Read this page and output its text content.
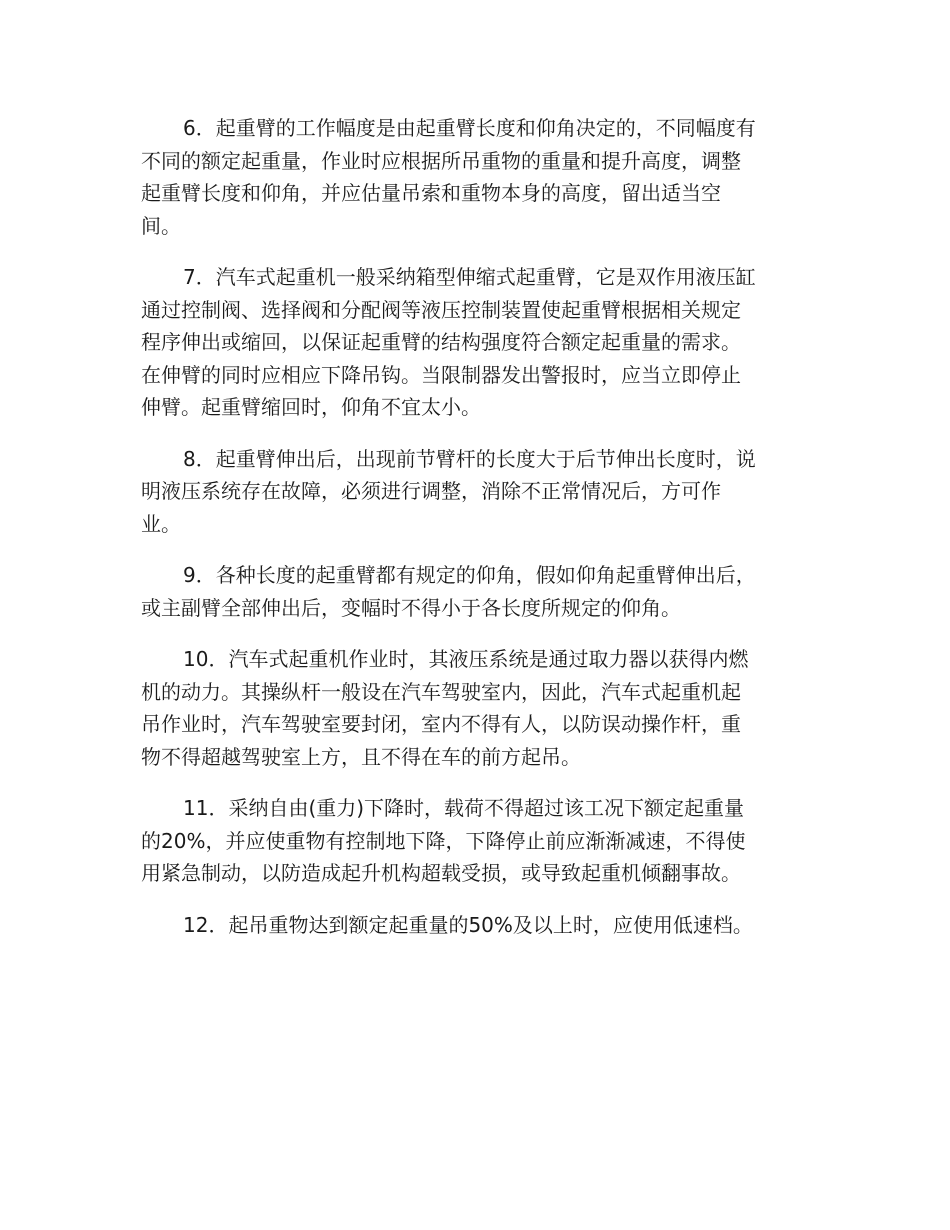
6．起重臂的工作幅度是由起重臂长度和仰角决定的，不同幅度有
不同的额定起重量，作业时应根据所吊重物的重量和提升高度，调整
起重臂长度和仰角，并应估量吊索和重物本身的高度，留出适当空
间。

7．汽车式起重机一般采纳箱型伸缩式起重臂，它是双作用液压缸
通过控制阀、选择阀和分配阀等液压控制装置使起重臂根据相关规定
程序伸出或缩回，以保证起重臂的结构强度符合额定起重量的需求。
在伸臂的同时应相应下降吊钩。当限制器发出警报时，应当立即停止
伸臂。起重臂缩回时，仰角不宜太小。

8．起重臂伸出后，出现前节臂杆的长度大于后节伸出长度时，说
明液压系统存在故障，必须进行调整，消除不正常情况后，方可作
业。

9．各种长度的起重臂都有规定的仰角，假如仰角起重臂伸出后，
或主副臂全部伸出后，变幅时不得小于各长度所规定的仰角。

10．汽车式起重机作业时，其液压系统是通过取力器以获得内燃
机的动力。其操纵杆一般设在汽车驾驶室内，因此，汽车式起重机起
吊作业时，汽车驾驶室要封闭，室内不得有人，以防误动操作杆，重
物不得超越驾驶室上方，且不得在车的前方起吊。

11．采纳自由(重力)下降时，载荷不得超过该工况下额定起重量
的20%，并应使重物有控制地下降，下降停止前应渐渐减速，不得使
用紧急制动，以防造成起升机构超载受损，或导致起重机倾翻事故。

12．起吊重物达到额定起重量的50%及以上时，应使用低速档。
